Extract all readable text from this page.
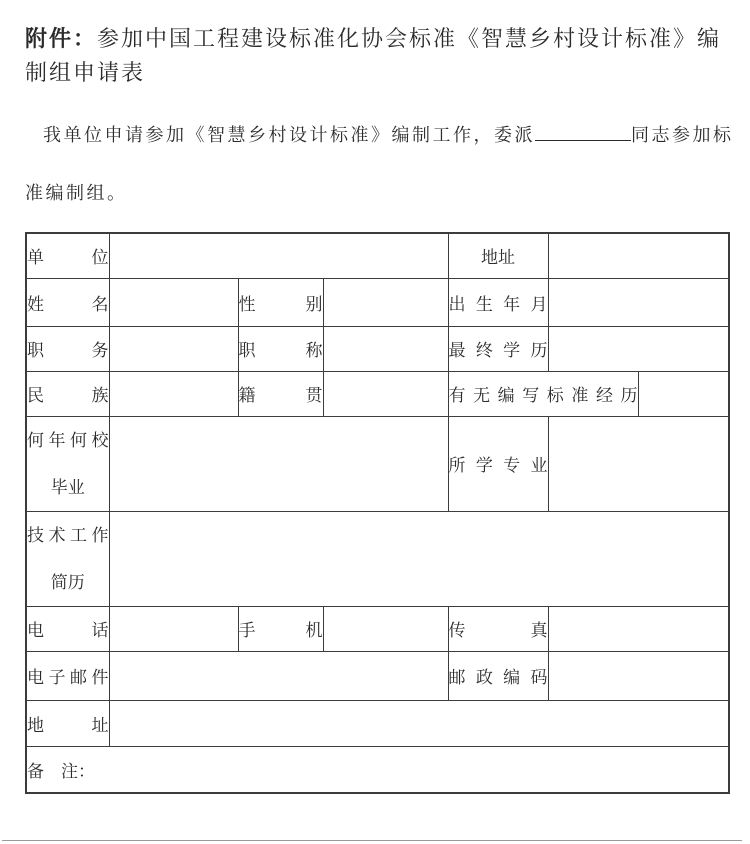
附件：参加中国工程建设标准化协会标准《智慧乡村设计标准》编制组申请表

我单位申请参加《智慧乡村设计标准》编制工作，委派	同志参加标准编制组。

单　位				地址		

姓　名		性　别		出生年月		

职　务		职　称		最终学历		

民　族		籍　贯		有无编写标准经历		

何年何校
毕业				所学专业		

技术工作
简历						

电　话		手　机		传　真		

电子邮件				邮政编码		

地　址						

备　注：						
